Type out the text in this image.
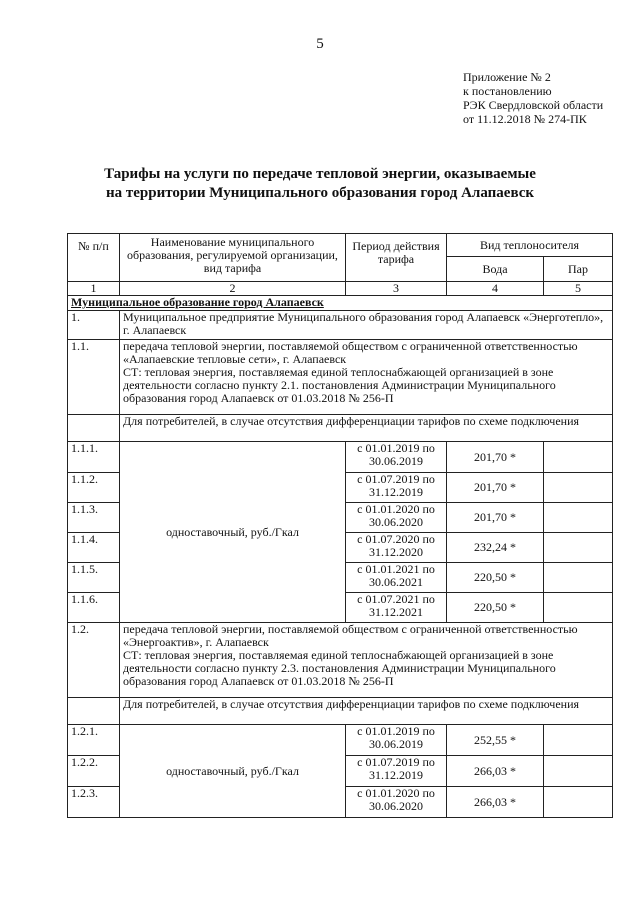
5
Приложение № 2
к постановлению
РЭК Свердловской области
от 11.12.2018 № 274-ПК
Тарифы на услуги по передаче тепловой энергии, оказываемые
на территории Муниципального образования город Алапаевск
№ п/п	Наименование муниципального образования, регулируемой организации, вид тарифа	Период действия тарифа	Вид теплоносителя	
			Вода	Пар
1	2	3	4	5
Муниципальное образование город Алапаевск				
1.	Муниципальное предприятие Муниципального образования город Алапаевск «Энерготепло», г. Алапаевск			
1.1.	передача тепловой энергии, поставляемой обществом с ограниченной ответственностью «Алапаевские тепловые сети», г. Алапаевск
СТ: тепловая энергия, поставляемая единой теплоснабжающей организацией в зоне деятельности согласно пункту 2.1. постановления Администрации Муниципального образования город Алапаевск от 01.03.2018 № 256-П			

	Для потребителей, в случае отсутствия дифференциации тарифов по схеме подключения			
1.1.1.	одноставочный, руб./Гкал	с 01.01.2019 по 30.06.2019	201,70 *	
1.1.2.		с 01.07.2019 по 31.12.2019	201,70 *	
1.1.3.		с 01.01.2020 по 30.06.2020	201,70 *	
1.1.4.		с 01.07.2020 по 31.12.2020	232,24 *	
1.1.5.		с 01.01.2021 по 30.06.2021	220,50 *	
1.1.6.		с 01.07.2021 по 31.12.2021	220,50 *	
1.2.	передача тепловой энергии, поставляемой обществом с ограниченной ответственностью «Энергоактив», г. Алапаевск
СТ: тепловая энергия, поставляемая единой теплоснабжающей организацией в зоне деятельности согласно пункту 2.3. постановления Администрации Муниципального образования город Алапаевск от 01.03.2018 № 256-П			

	Для потребителей, в случае отсутствия дифференциации тарифов по схеме подключения			
1.2.1.	одноставочный, руб./Гкал	с 01.01.2019 по 30.06.2019	252,55 *	
1.2.2.		с 01.07.2019 по 31.12.2019	266,03 *	
1.2.3.		с 01.01.2020 по 30.06.2020	266,03 *	
